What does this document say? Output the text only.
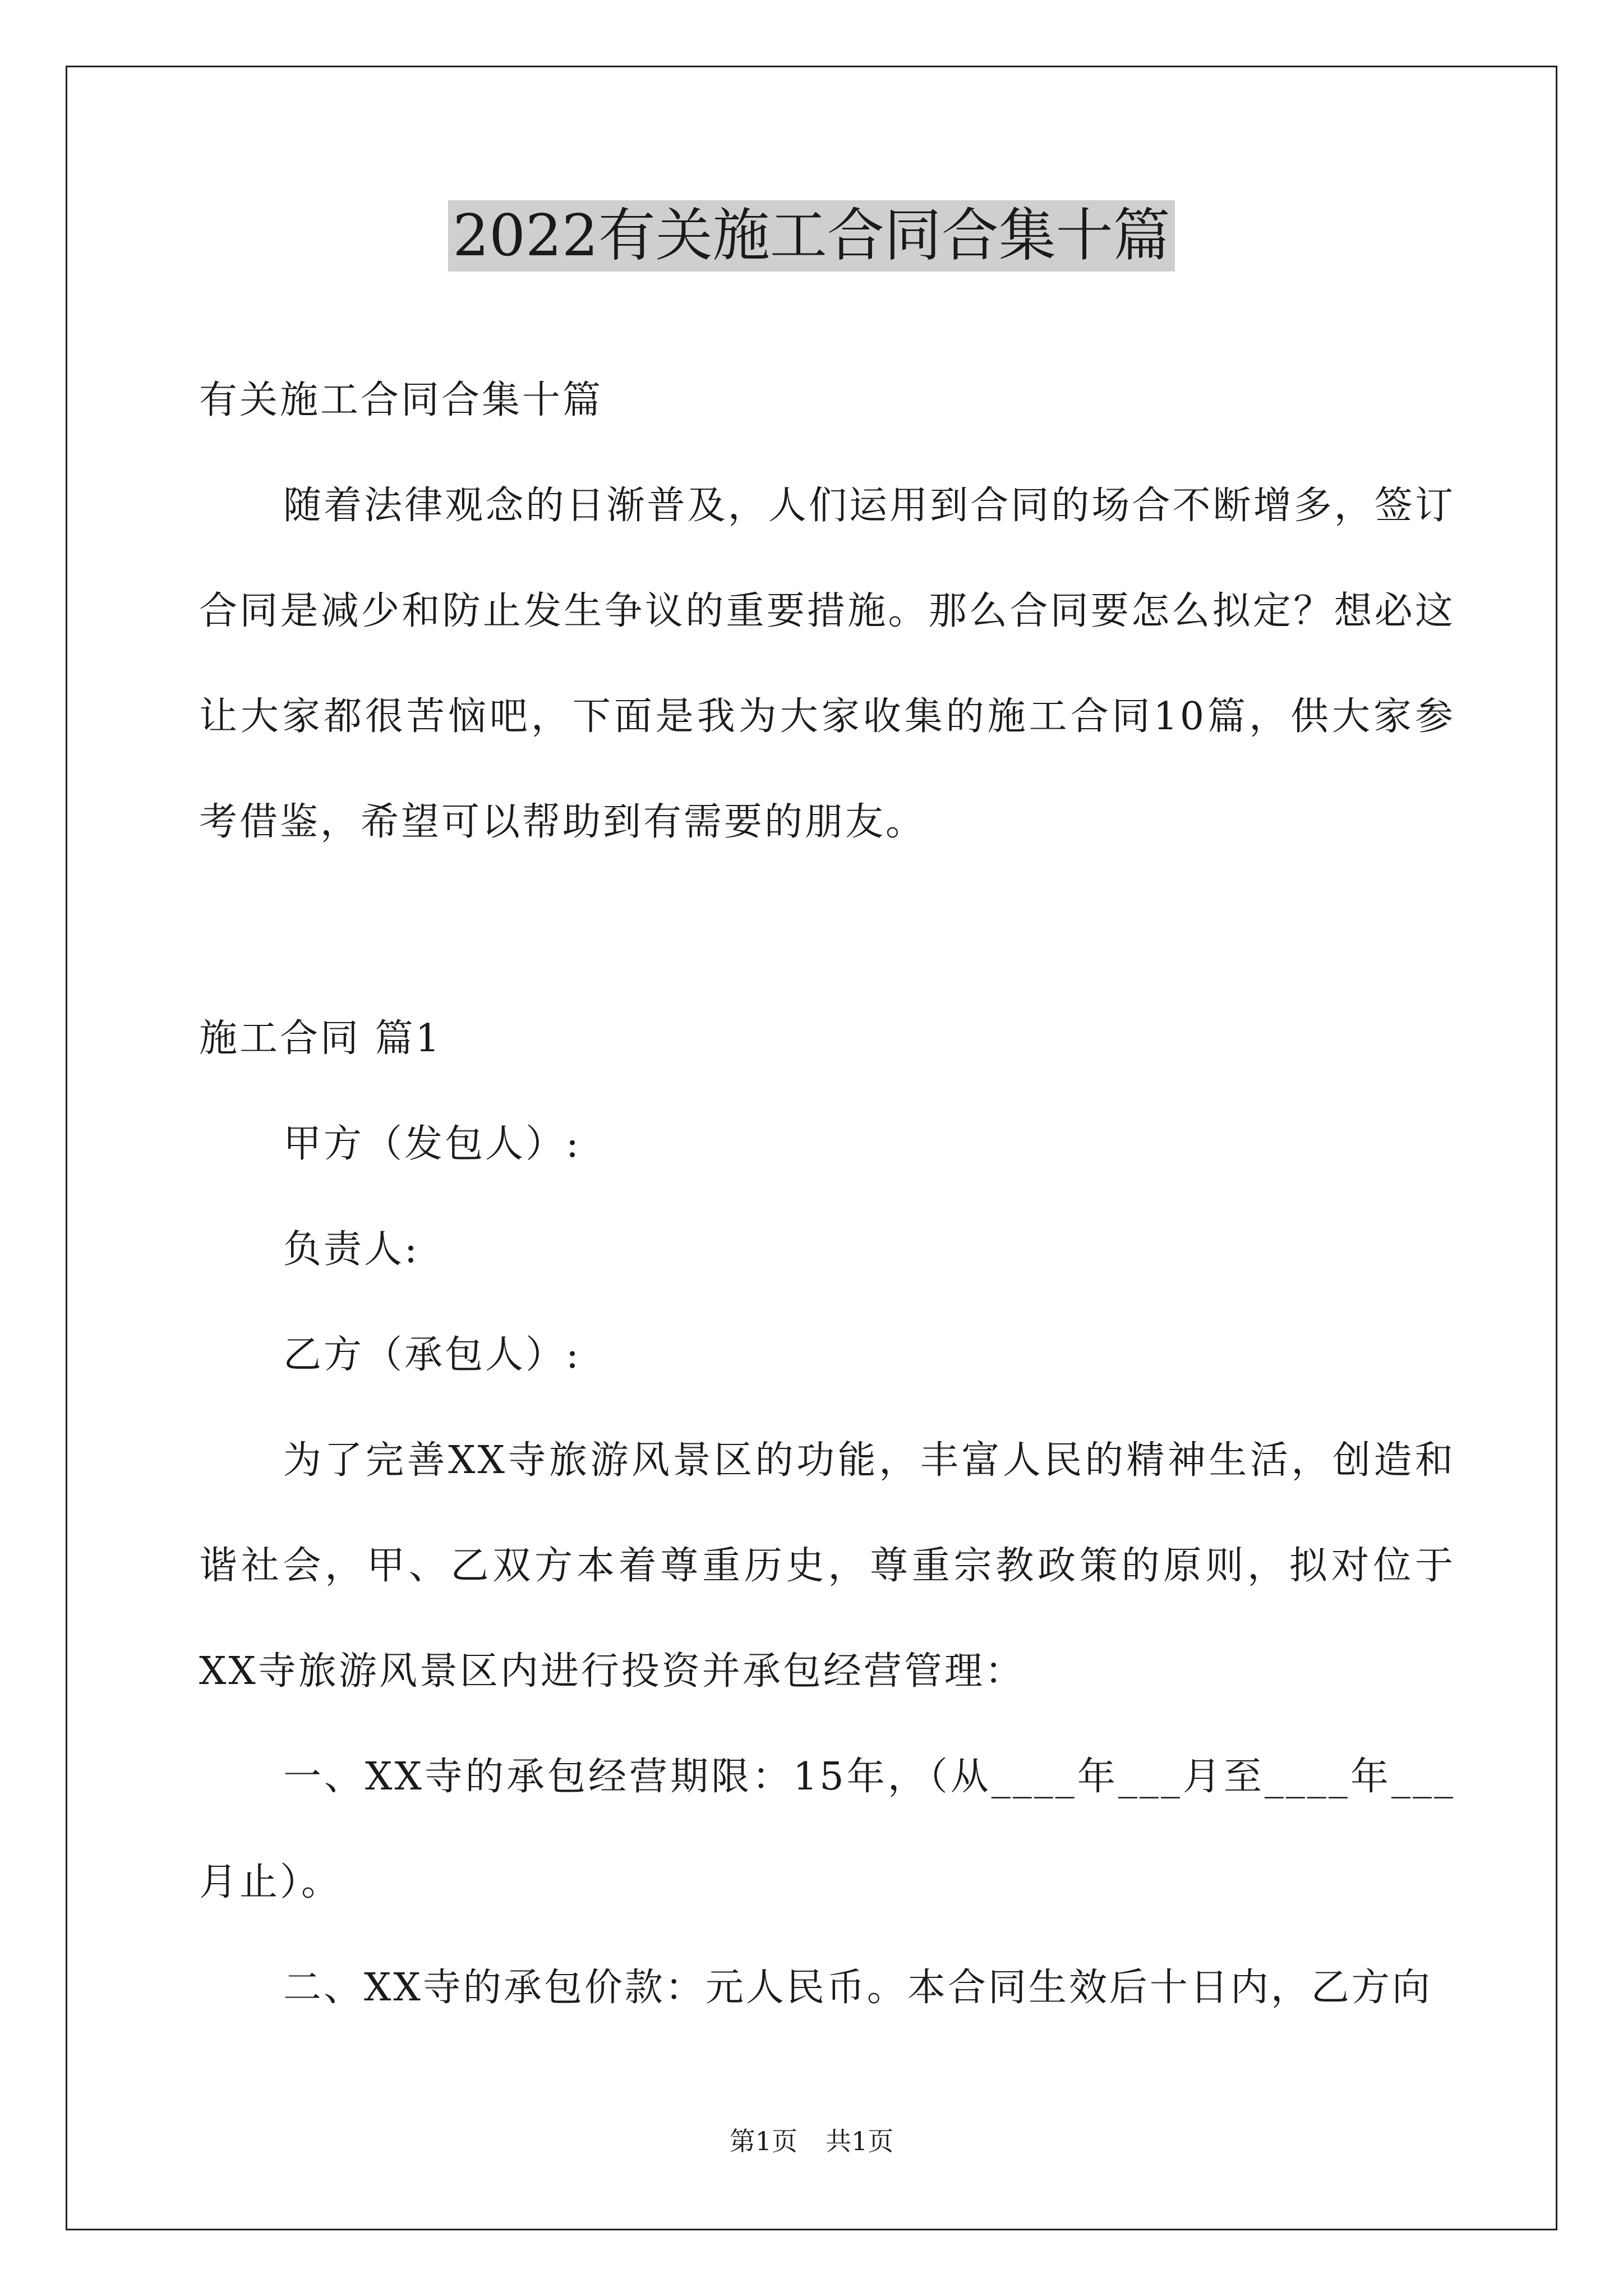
2022有关施工合同合集十篇

有关施工合同合集十篇

随着法律观念的日渐普及，人们运用到合同的场合不断增多，签订合同是减少和防止发生争议的重要措施。那么合同要怎么拟定？想必这让大家都很苦恼吧，下面是我为大家收集的施工合同10篇，供大家参考借鉴，希望可以帮助到有需要的朋友。

施工合同 篇1

甲方（发包人）:

负责人:

乙方（承包人）:

为了完善XX寺旅游风景区的功能，丰富人民的精神生活，创造和谐社会，甲、乙双方本着尊重历史，尊重宗教政策的原则，拟对位于XX寺旅游风景区内进行投资并承包经营管理：

一、XX寺的承包经营期限：15年，（从____年___月至____年___月止）。

二、XX寺的承包价款：元人民币。本合同生效后十日内，乙方向

第1页 共1页
